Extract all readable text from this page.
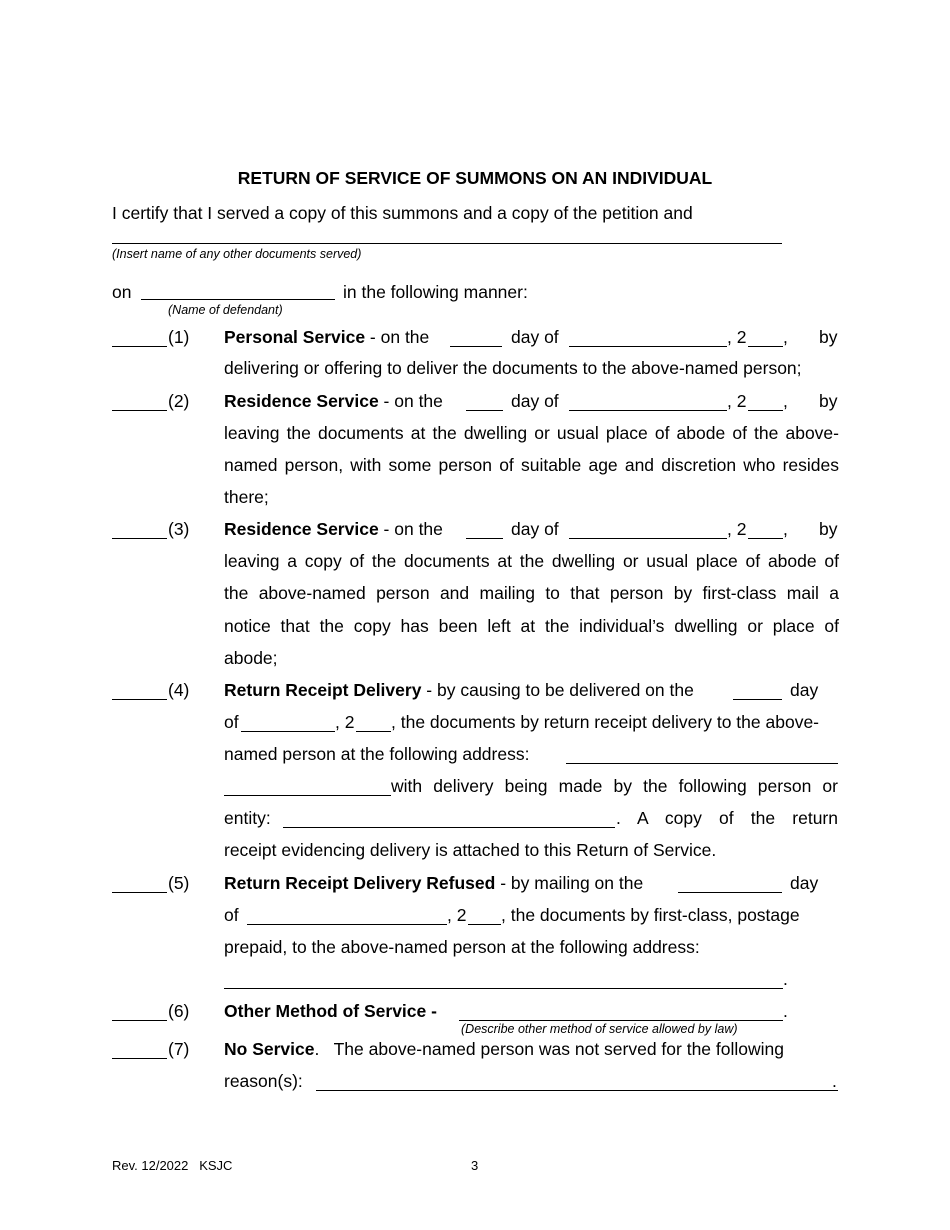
RETURN OF SERVICE OF SUMMONS ON AN INDIVIDUAL
I certify that I served a copy of this summons and a copy of the petition and
(Insert name of any other documents served)
on	in the following manner:
(Name of defendant)
(1) Personal Service - on the	day of	, 2 , by
delivering or offering to deliver the documents to the above-named person;
(2) Residence Service - on the	day of	, 2 , by
leaving the documents at the dwelling or usual place of abode of the above-
named person, with some person of suitable age and discretion who resides
there;
(3) Residence Service - on the	day of	, 2 , by
leaving a copy of the documents at the dwelling or usual place of abode of
the above-named person and mailing to that person by first-class mail a
notice that the copy has been left at the individual’s dwelling or place of
abode;
(4) Return Receipt Delivery - by causing to be delivered on the	day
of	, 2 , the documents by return receipt delivery to the above-
named person at the following address:
with delivery being made by the following person or
entity:	.   A   copy   of   the   return
receipt evidencing delivery is attached to this Return of Service.
(5) Return Receipt Delivery Refused - by mailing on the	day
of	, 2 , the documents by first-class, postage
prepaid, to the above-named person at the following address:
.
(6) Other Method of Service -	.
(Describe other method of service allowed by law)
(7) No Service.   The above-named person was not served for the following
reason(s):	.
Rev. 12/2022   KSJC	3
